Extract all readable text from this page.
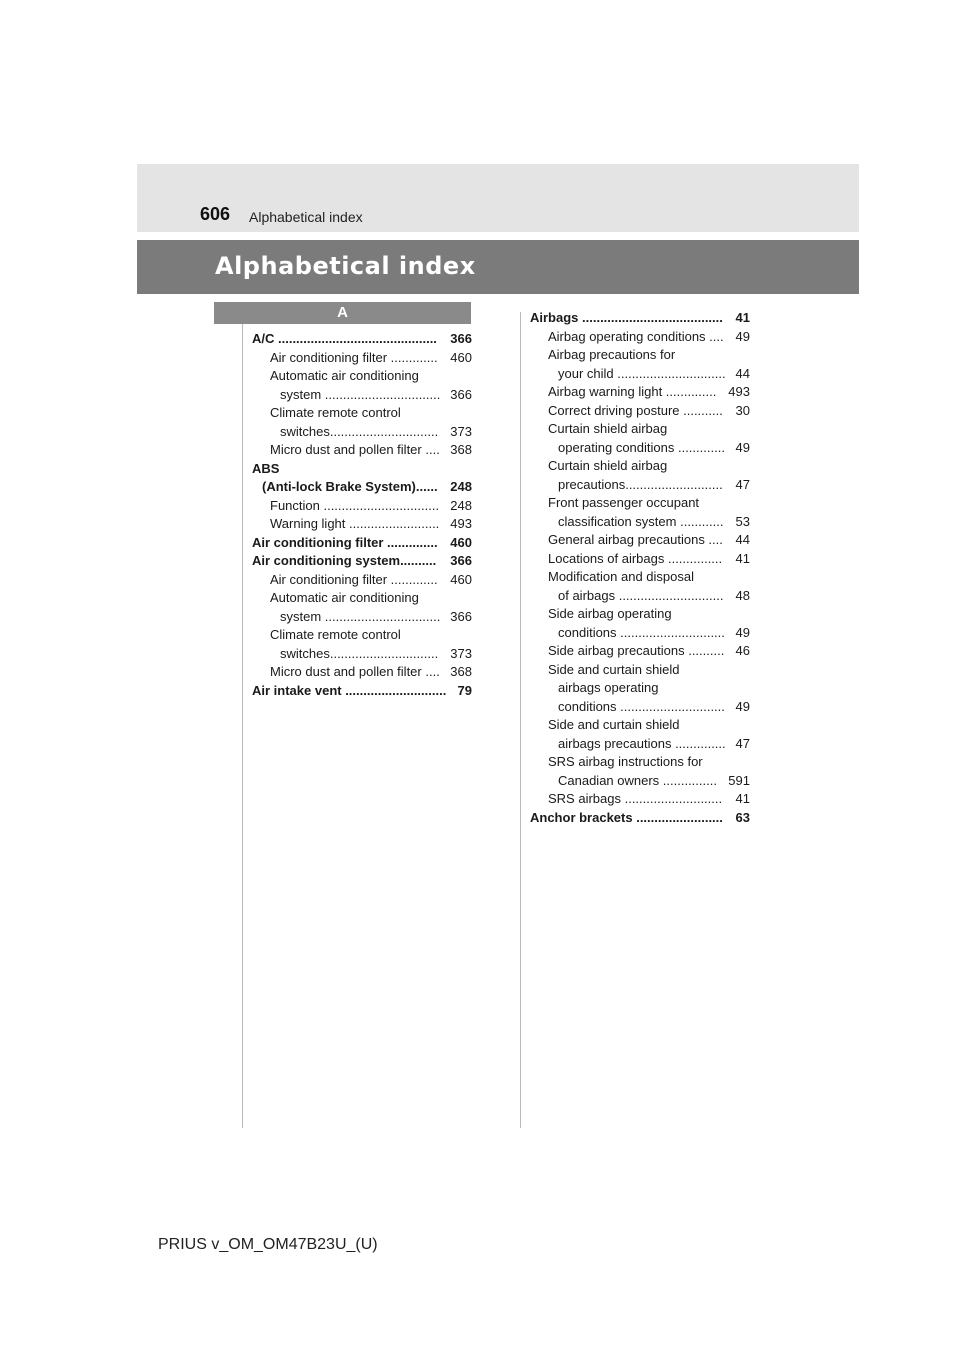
606 Alphabetical index
Alphabetical index
A
A/C ............................................	366
Air conditioning filter ............. 460
Automatic air conditioning
system ................................ 366
Climate remote control
switches.............................. 373
Micro dust and pollen filter .... 368
ABS
(Anti-lock Brake System)...... 248
Function ................................ 248
Warning light ......................... 493
Air conditioning filter .............. 460
Air conditioning system..........	366
Air conditioning filter ............. 460
Automatic air conditioning
system ................................ 366
Climate remote control
switches.............................. 373
Micro dust and pollen filter .... 368
Air intake vent ............................ 79
Airbags ....................................... 41
Airbag operating conditions .... 49
Airbag precautions for
your child .............................. 44
Airbag warning light .............. 493
Correct driving posture ........... 30
Curtain shield airbag
operating conditions ............. 49
Curtain shield airbag
precautions........................... 47
Front passenger occupant
classification system ............ 53
General airbag precautions .... 44
Locations of airbags ...............	41
Modification and disposal
of airbags ............................. 48
Side airbag operating
conditions ............................. 49
Side airbag precautions .......... 46
Side and curtain shield
airbags operating
conditions ............................. 49
Side and curtain shield
airbags precautions .............. 47
SRS airbag instructions for
Canadian owners ............... 591
SRS airbags ...........................	41
Anchor brackets ........................ 63
PRIUS v_OM_OM47B23U_(U)
